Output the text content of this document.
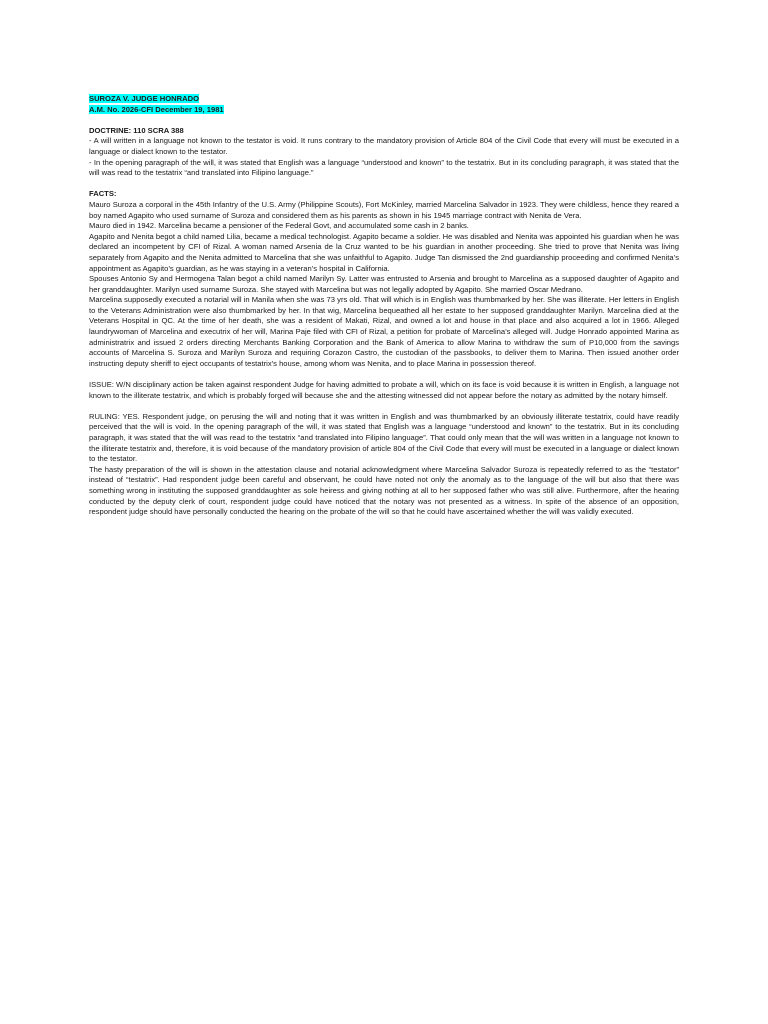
SUROZA V. JUDGE HONRADO
A.M. No. 2026-CFI December 19, 1981

DOCTRINE: 110 SCRA 388

- A will written in a language not known to the testator is void. It runs contrary to the mandatory provision of Article 804 of the Civil Code that every will must be executed in a language or dialect known to the testator.

- In the opening paragraph of the will, it was stated that English was a language “understood and known” to the testatrix. But in its concluding paragraph, it was stated that the will was read to the testatrix “and translated into Filipino language.”

FACTS:

Mauro Suroza a corporal in the 45th Infantry of the U.S. Army (Philippine Scouts), Fort McKinley, married Marcelina Salvador in 1923. They were childless, hence they reared a boy named Agapito who used surname of Suroza and considered them as his parents as shown in his 1945 marriage contract with Nenita de Vera.

Mauro died in 1942. Marcelina became a pensioner of the Federal Govt, and accumulated some cash in 2 banks.

Agapito and Nenita begot a child named Lilia, became a medical technologist. Agapito became a soldier. He was disabled and Nenita was appointed his guardian when he was declared an incompetent by CFI of Rizal. A woman named Arsenia de la Cruz wanted to be his guardian in another proceeding. She tried to prove that Nenita was living separately from Agapito and the Nenita admitted to Marcelina that she was unfaithful to Agapito. Judge Tan dismissed the 2nd guardianship proceeding and confirmed Nenita’s appointment as Agapito’s guardian, as he was staying in a veteran’s hospital in California.

Spouses Antonio Sy and Hermogena Talan begot a child named Marilyn Sy. Latter was entrusted to Arsenia and brought to Marcelina as a supposed daughter of Agapito and her granddaughter. Marilyn used surname Suroza. She stayed with Marcelina but was not legally adopted by Agapito. She married Oscar Medrano.

Marcelina supposedly executed a notarial will in Manila when she was 73 yrs old. That will which is in English was thumbmarked by her. She was illiterate. Her letters in English to the Veterans Administration were also thumbmarked by her. In that wig, Marcelina bequeathed all her estate to her supposed granddaughter Marilyn. Marcelina died at the Veterans Hospital in QC. At the time of her death, she was a resident of Makati, Rizal, and owned a lot and house in that place and also acquired a lot in 1966. Alleged laundrywoman of Marcelina and executrix of her will, Marina Paje filed with CFI of Rizal, a petition for probate of Marcelina’s alleged will. Judge Honrado appointed Marina as administratrix and issued 2 orders directing Merchants Banking Corporation and the Bank of America to allow Marina to withdraw the sum of P10,000 from the savings accounts of Marcelina S. Suroza and Marilyn Suroza and requiring Corazon Castro, the custodian of the passbooks, to deliver them to Marina. Then issued another order instructing deputy sheriff to eject occupants of testatrix’s house, among whom was Nenita, and to place Marina in possession thereof.

ISSUE: W/N disciplinary action be taken against respondent Judge for having admitted to probate a will, which on its face is void because it is written in English, a language not known to the illiterate testatrix, and which is probably forged will because she and the attesting witnessed did not appear before the notary as admitted by the notary himself.

RULING: YES. Respondent judge, on perusing the will and noting that it was written in English and was thumbmarked by an obviously illiterate testatrix, could have readily perceived that the will is void. In the opening paragraph of the will, it was stated that English was a language “understood and known” to the testatrix. But in its concluding paragraph, it was stated that the will was read to the testatrix “and translated into Filipino language”. That could only mean that the will was written in a language not known to the illiterate testatrix and, therefore, it is void because of the mandatory provision of article 804 of the Civil Code that every will must be executed in a language or dialect known to the testator.

The hasty preparation of the will is shown in the attestation clause and notarial acknowledgment where Marcelina Salvador Suroza is repeatedly referred to as the “testator” instead of “testatrix”. Had respondent judge been careful and observant, he could have noted not only the anomaly as to the language of the will but also that there was something wrong in instituting the supposed granddaughter as sole heiress and giving nothing at all to her supposed father who was still alive. Furthermore, after the hearing conducted by the deputy clerk of court, respondent judge could have noticed that the notary was not presented as a witness. In spite of the absence of an opposition, respondent judge should have personally conducted the hearing on the probate of the will so that he could have ascertained whether the will was validly executed.
